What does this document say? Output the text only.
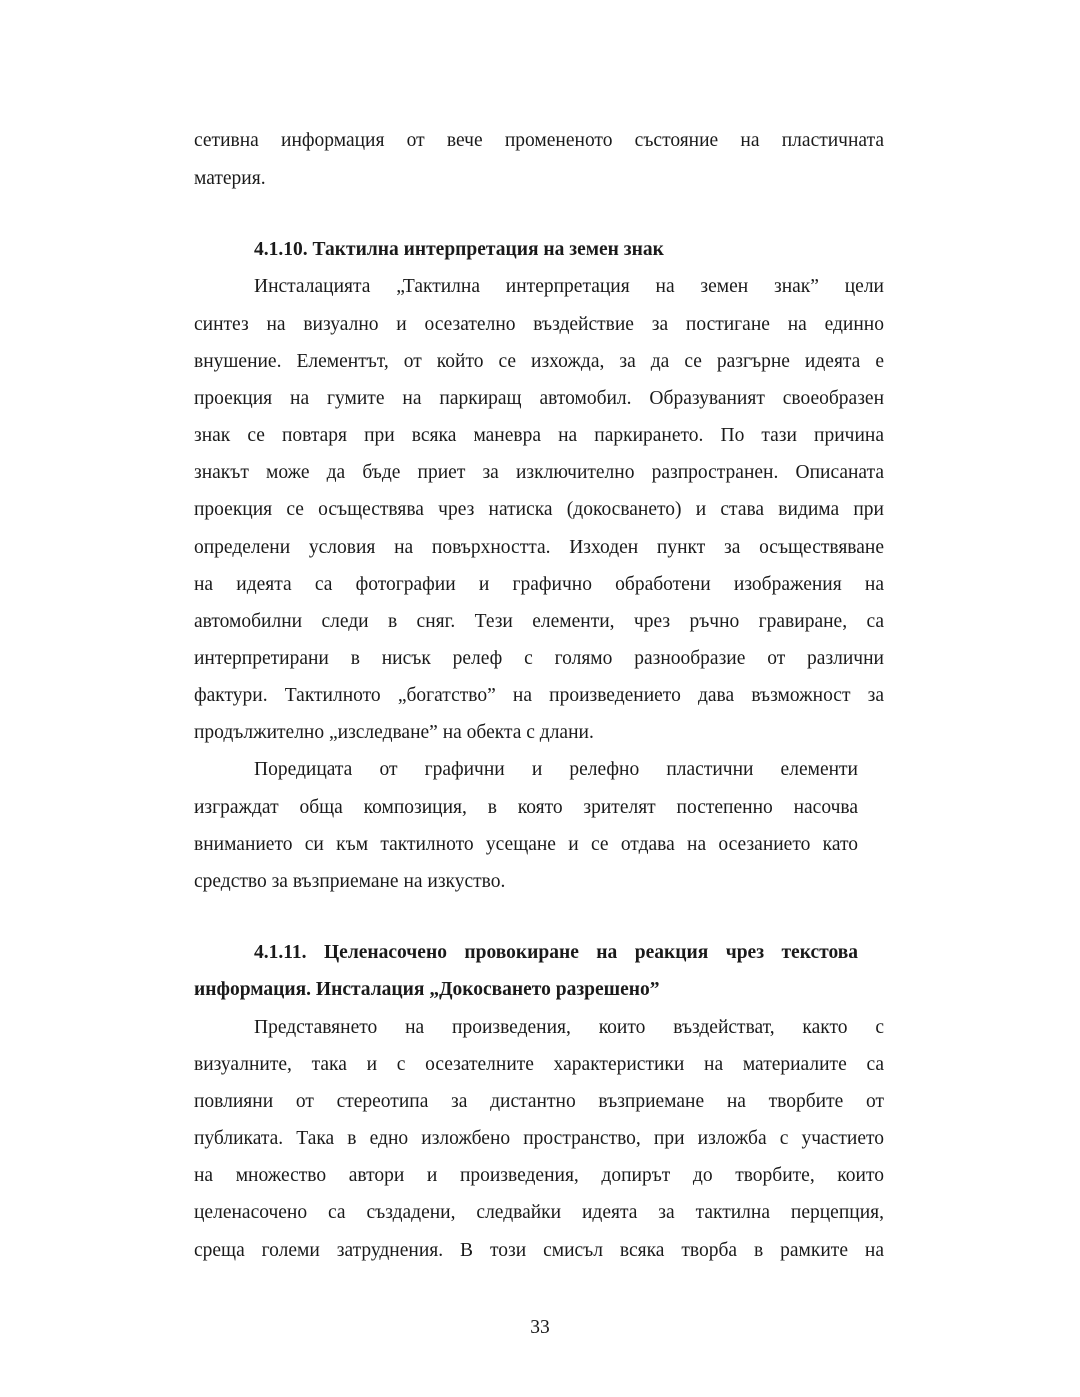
сетивна информация от вече промененото състояние на пластичната
материя.
4.1.10. Тактилна интерпретация на земен знак
Инсталацията „Тактилна интерпретация на земен знак” цели
синтез на визуално и осезателно въздействие за постигане на единно
внушение. Елементът, от който се изхожда, за да се разгърне идеята е
проекция на гумите на паркиращ автомобил. Образуваният своеобразен
знак се повтаря при всяка маневра на паркирането. По тази причина
знакът може да бъде приет за изключително разпространен. Описаната
проекция се осъществява чрез натиска (докосването) и става видима при
определени условия на повърхността. Изходен пункт за осъществяване
на идеята са фотографии и графично обработени изображения на
автомобилни следи в сняг. Тези елементи, чрез ръчно гравиране, са
интерпретирани в нисък релеф с голямо разнообразие от различни
фактури. Тактилното „богатство” на произведението дава възможност за
продължително „изследване” на обекта с длани.
Поредицата от графични и релефно пластични елементи
изграждат обща композиция, в която зрителят постепенно насочва
вниманието си към тактилното усещане и се отдава на осезанието като
средство за възприемане на изкуство.
4.1.11. Целенасочено провокиране на реакция чрез текстова
информация. Инсталация „Докосването разрешено”
Представянето на произведения, които въздействат, както с
визуалните, така и с осезателните характеристики на материалите са
повлияни от стереотипа за дистантно възприемане на творбите от
публиката. Така в едно изложбено пространство, при изложба с участието
на множество автори и произведения, допирът до творбите, които
целенасочено са създадени, следвайки идеята за тактилна перцепция,
среща големи затруднения. В този смисъл всяка творба в рамките на
33
